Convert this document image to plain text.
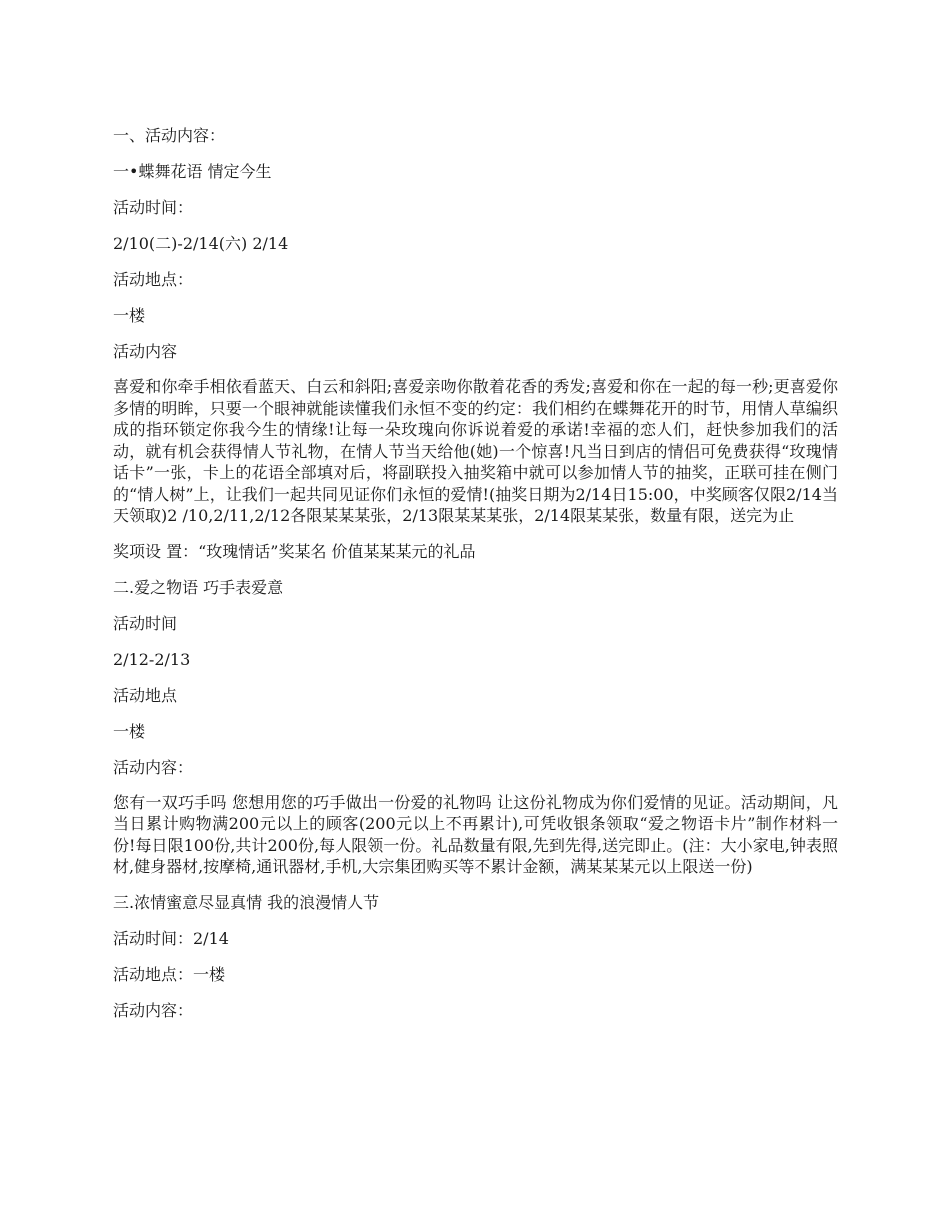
一、活动内容：

一•蝶舞花语 情定今生

活动时间：

2/10(二)-2/14(六) 2/14

活动地点：

一楼

活动内容

喜爱和你牵手相依看蓝天、白云和斜阳;喜爱亲吻你散着花香的秀发;喜爱和你在一起的每一秒;更喜爱你多情的明眸，只要一个眼神就能读懂我们永恒不变的约定：我们相约在蝶舞花开的时节，用情人草编织成的指环锁定你我今生的情缘!让每一朵玫瑰向你诉说着爱的承诺!幸福的恋人们，赶快参加我们的活动，就有机会获得情人节礼物，在情人节当天给他(她)一个惊喜!凡当日到店的情侣可免费获得“玫瑰情话卡”一张，卡上的花语全部填对后，将副联投入抽奖箱中就可以参加情人节的抽奖，正联可挂在侧门的“情人树”上，让我们一起共同见证你们永恒的爱情!(抽奖日期为2/14日15:00，中奖顾客仅限2/14当天领取)2 /10,2/11,2/12各限某某某张，2/13限某某某张，2/14限某某张，数量有限，送完为止

奖项设 置：“玫瑰情话”奖某名 价值某某某元的礼品

二.爱之物语 巧手表爱意

活动时间

2/12-2/13

活动地点

一楼

活动内容：

您有一双巧手吗 您想用您的巧手做出一份爱的礼物吗 让这份礼物成为你们爱情的见证。活动期间，凡当日累计购物满200元以上的顾客(200元以上不再累计),可凭收银条领取“爱之物语卡片”制作材料一份!每日限100份,共计200份,每人限领一份。礼品数量有限,先到先得,送完即止。(注：大小家电,钟表照材,健身器材,按摩椅,通讯器材,手机,大宗集团购买等不累计金额，满某某某元以上限送一份)

三.浓情蜜意尽显真情 我的浪漫情人节

活动时间：2/14

活动地点：一楼

活动内容：
